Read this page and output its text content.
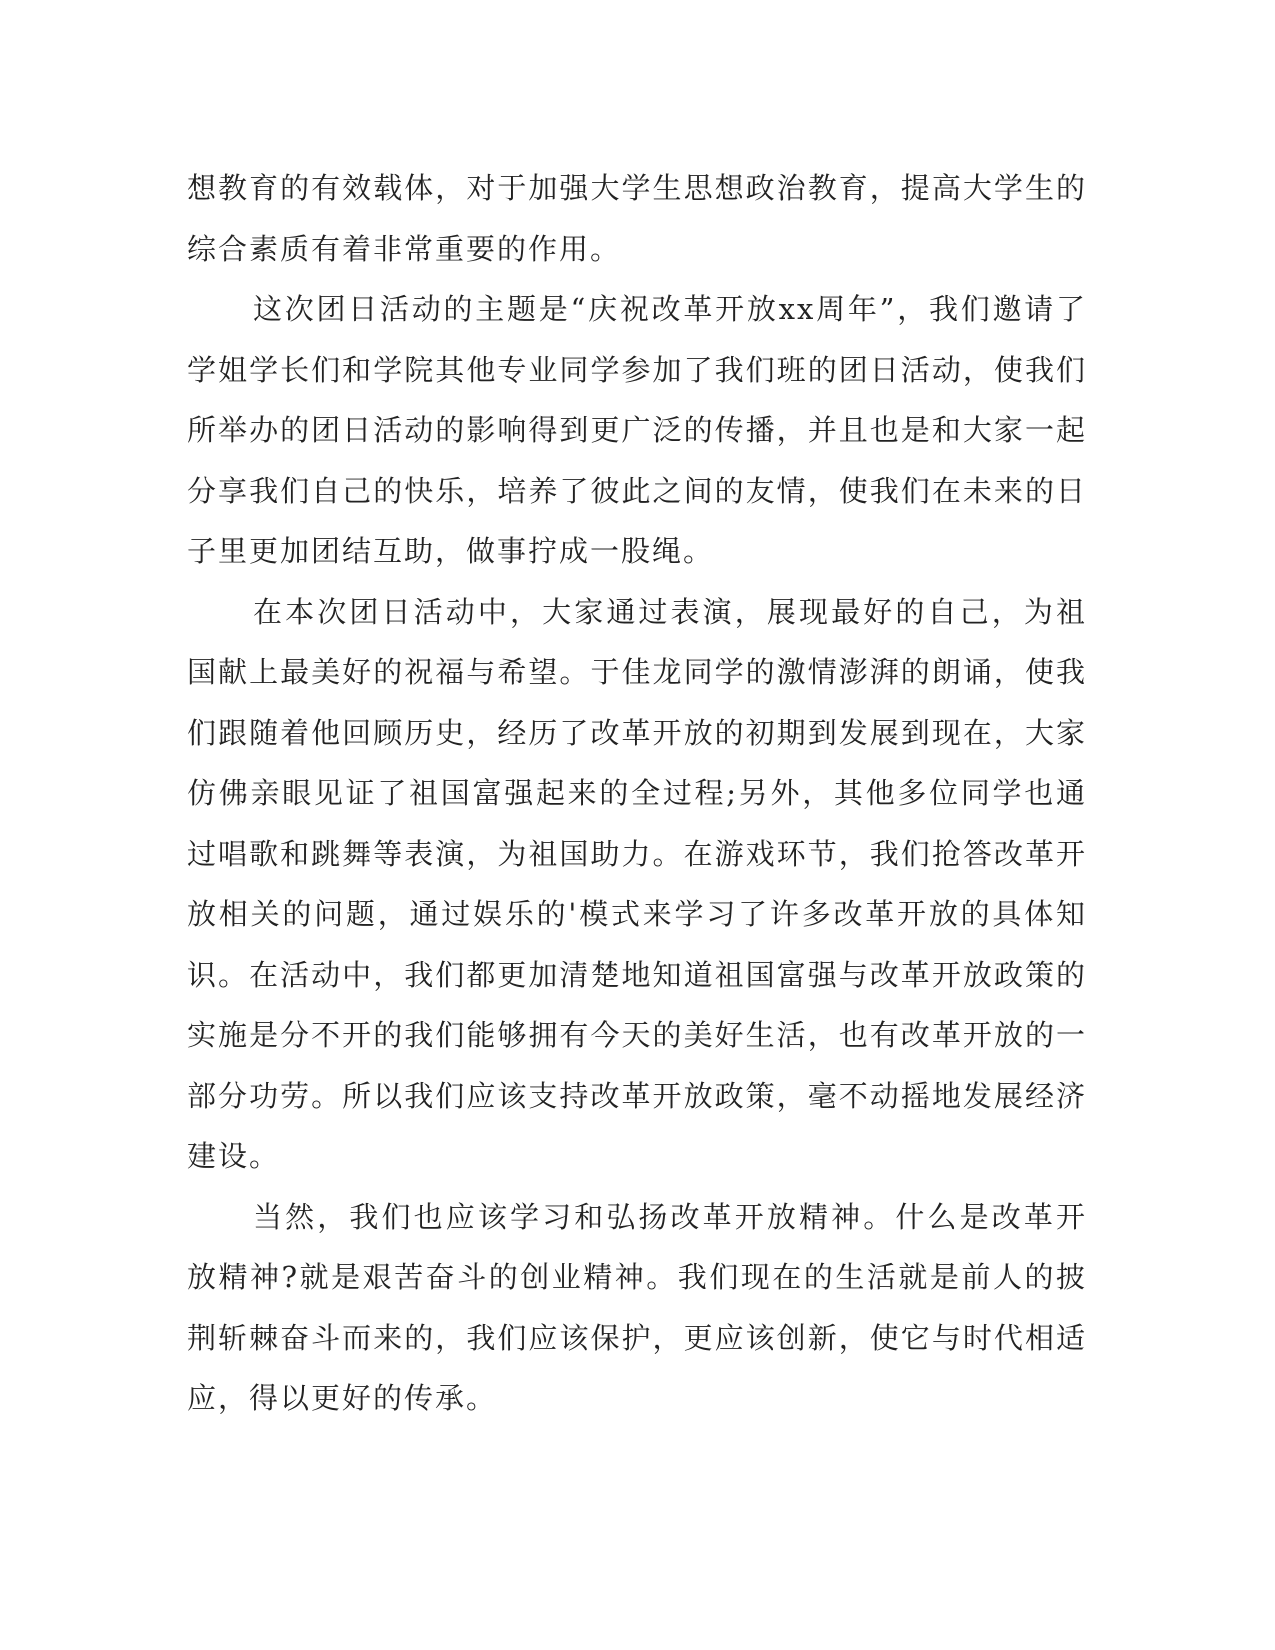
想教育的有效载体，对于加强大学生思想政治教育，提高大学生的综合素质有着非常重要的作用。

这次团日活动的主题是“庆祝改革开放xx周年”，我们邀请了学姐学长们和学院其他专业同学参加了我们班的团日活动，使我们所举办的团日活动的影响得到更广泛的传播，并且也是和大家一起分享我们自己的快乐，培养了彼此之间的友情，使我们在未来的日子里更加团结互助，做事拧成一股绳。

在本次团日活动中，大家通过表演，展现最好的自己，为祖国献上最美好的祝福与希望。于佳龙同学的激情澎湃的朗诵，使我们跟随着他回顾历史，经历了改革开放的初期到发展到现在，大家仿佛亲眼见证了祖国富强起来的全过程;另外，其他多位同学也通过唱歌和跳舞等表演，为祖国助力。在游戏环节，我们抢答改革开放相关的问题，通过娱乐的'模式来学习了许多改革开放的具体知识。在活动中，我们都更加清楚地知道祖国富强与改革开放政策的实施是分不开的我们能够拥有今天的美好生活，也有改革开放的一部分功劳。所以我们应该支持改革开放政策，毫不动摇地发展经济建设。

当然，我们也应该学习和弘扬改革开放精神。什么是改革开放精神?就是艰苦奋斗的创业精神。我们现在的生活就是前人的披荆斩棘奋斗而来的，我们应该保护，更应该创新，使它与时代相适应，得以更好的传承。
